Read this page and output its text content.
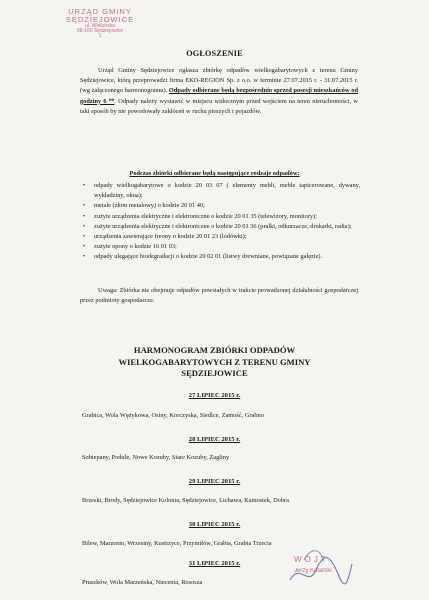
URZĄD GMINY
SĘDZIEJOWICE
ul. Wieluńska
98-160 Sędziejowice
1
OGŁOSZENIE
Urząd Gminy Sędziejowice ogłasza zbiórkę odpadów wielkogabarytowych z terenu Gminy Sędziejowice, którą przeprowadzi firma EKO-REGION Sp. z o.o. w terminie 27.07.2015 r. - 31.07.2015 r. (wg załączonego harmonogramu). Odpady odbierane będą bezpośrednio sprzed posesji mieszkańców od godziny 6 ⁰⁰. Odpady należy wystawić w miejscu widocznym przed wejściem na teren nieruchomości, w taki sposób by nie powodowały zakłóceń w ruchu pieszych i pojazdów.
Podczas zbiórki odbierane będą następujące rodzaje odpadów:
• odpady wielkogabarytowe o kodzie 20 03 07 ( elementy mebli, meble tapicerowane, dywany, wykładziny, okna);
• metale (złom metalowy) o kodzie 20 01 40;
• zużyte urządzenia elektryczne i elektroniczne o kodzie 20 01 35 (telewizory, monitory);
• zużyte urządzenia elektryczne i elektroniczne o kodzie 20 01 36 (pralki, odkurzacze, drukarki, radia);
• urządzenia zawierające freony o kodzie 20 01 23 (lodówki);
• zużyte opony o kodzie 16 01 03;
• odpady ulegające biodegradacji o kodzie 20 02 01 (listwy drewniane, powiązane gałęzie).
Uwaga: Zbiórka nie obejmuje odpadów powstałych w trakcie prowadzonej działalności gospodarczej przez podmioty gospodarcze.
HARMONOGRAM ZBIÓRKI ODPADÓW
WIELKOGABARYTOWYCH Z TERENU GMINY
SĘDZIEJOWICE
27 LIPIEC 2015 r.
Grabica, Wola Wężykowa, Osiny, Korczyska, Siedlce, Zamość, Grabno
28 LIPIEC 2015 r.
Sobiepany, Podule, Nowe Kozuby, Stare Kozuby, Żagliny
29 LIPIEC 2015 r.
Brzeski, Brody, Sędziejowice Kolonia, Sędziejowice, Lichawa, Kamostek, Dobra
30 LIPIEC 2015 r.
Bilew, Marzenin, Wrzesiny, Kustrzyce, Przymiłów, Grabia, Grabia Trzecia
31 LIPIEC 2015 r.
Pruszków, Wola Marzeńska, Niecenia, Rososza
WÓJT
Jerzy Kotarski
